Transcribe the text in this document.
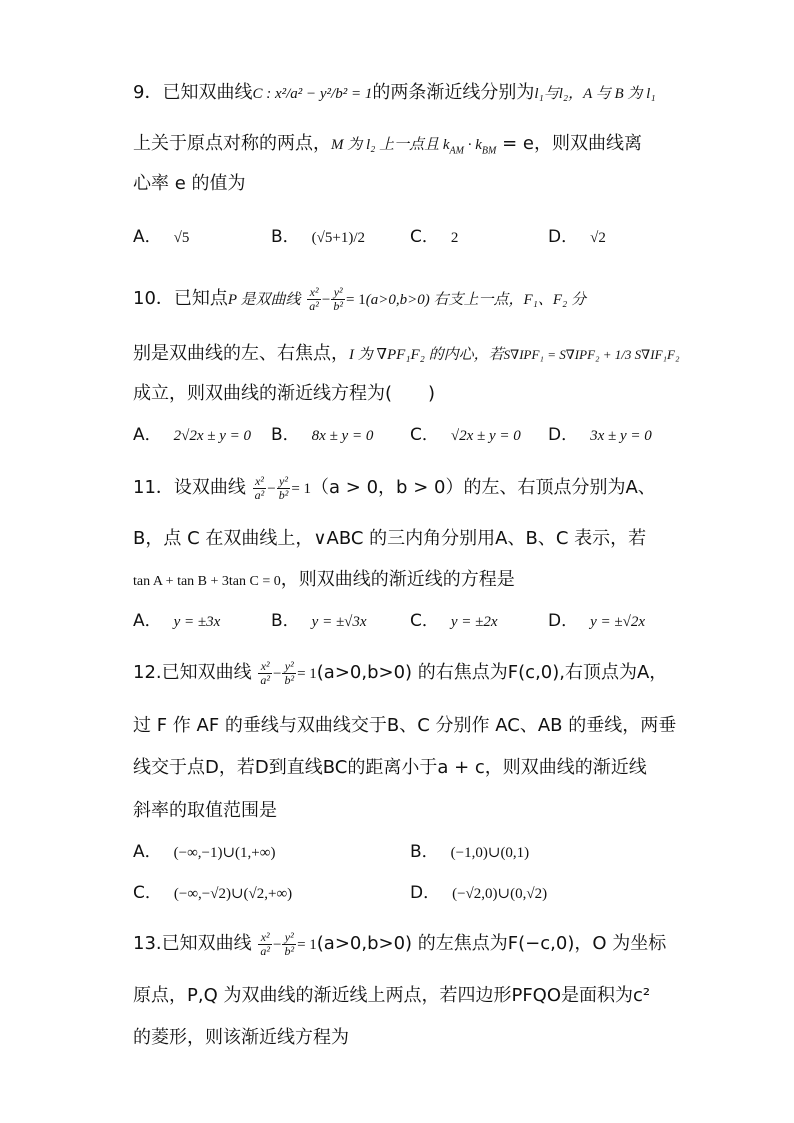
9．已知双曲线C : x²/a² − y²/b² = 1的两条渐近线分别为l₁与l₂，A 与 B 为 l₁
上关于原点对称的两点，M 为 l₂ 上一点且 $k_{AM} \cdot k_{BM} = e$，则双曲线离
心率 e 的值为
A． √5	B． (√5+1)/2	C． 2	D． √2
10．已知点P 是双曲线 $\frac{\text{x²}}{\text{a²}} - \frac{\text{y²}}{\text{b²}} = 1(a>0,b>0)$ 右支上一点，F₁、F₂ 分
别是双曲线的左、右焦点，I 为 ∇PF₁F₂ 的内心，若S∇IPF₁ = S∇IPF₂ + 1/3 S∇IF₁F₂
成立，则双曲线的渐近线方程为(　　)
A． 2√2x ± y = 0 B． 8x ± y = 0 C． √2x ± y = 0 D． 3x ± y = 0
11．设双曲线 $\frac{\text{x²}}{\text{a²}} - \frac{\text{y²}}{\text{b²}} = 1(a > 0$，b > 0）的左、右顶点分别为A、
B，点 C 在双曲线上，∨ABC 的三内角分别用A、B、C 表示，若
tan A + tan B + 3tan C = 0，则双曲线的渐近线的方程是
A． y = ±3x	B． y = ±√3x	C． y = ±2x	D． y = ±√2x
12.已知双曲线 $\frac{\text{x²}}{\text{a²}} - \frac{\text{y²}}{\text{b²}} = 1(a>0,b>0)$ 的右焦点为F(c,0),右顶点为A，
过 F 作 AF 的垂线与双曲线交于B、C 分别作 AC、AB 的垂线，两垂
线交于点D，若D到直线BC的距离小于a + c，则双曲线的渐近线
斜率的取值范围是
A． (−∞,−1)∪(1,+∞)	B． (−1,0)∪(0,1)
C． (−∞,−√2)∪(√2,+∞)	D． (−√2,0)∪(0,√2)
13.已知双曲线 $\frac{\text{x²}}{\text{a²}} - \frac{\text{y²}}{\text{b²}} = 1(a>0,b>0)$ 的左焦点为F(−c,0)，O 为坐标
原点，P,Q 为双曲线的渐近线上两点，若四边形PFQO是面积为c²
的菱形，则该渐近线方程为
